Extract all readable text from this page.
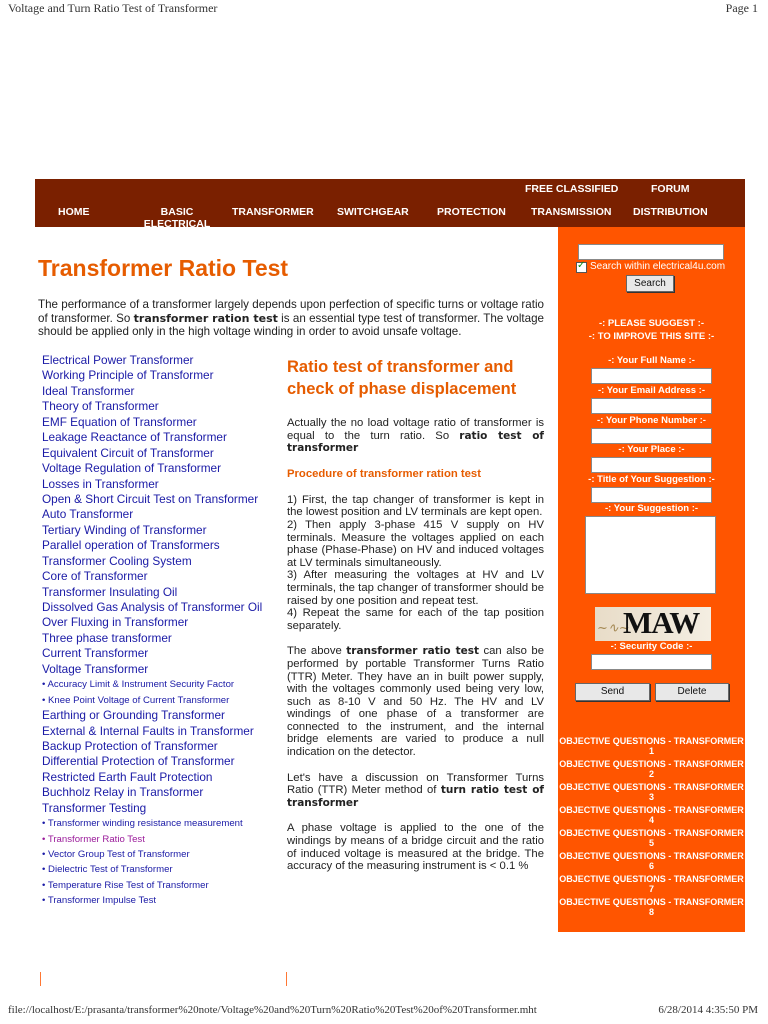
Voltage and Turn Ratio Test of Transformer	Page 1
file://localhost/E:/prasanta/transformer%20note/Voltage%20and%20Turn%20Ratio%20Test%20of%20Transformer.mht	6/28/2014 4:35:50 PM
FREE CLASSIFIED	FORUM
HOME	BASIC ELECTRICAL
TRANSFORMER SWITCHGEAR	PROTECTION TRANSMISSION DISTRIBUTION
Transformer Ratio Test
The performance of a transformer largely depends upon perfection of specific turns or voltage ratio of transformer. So transformer ration test is an essential type test of transformer. The voltage should be applied only in the high voltage winding in order to avoid unsafe voltage.
Electrical Power Transformer
Working Principle of Transformer
Ideal Transformer
Theory of Transformer
EMF Equation of Transformer
Leakage Reactance of Transformer
Equivalent Circuit of Transformer
Voltage Regulation of Transformer
Losses in Transformer
Open & Short Circuit Test on Transformer
Auto Transformer
Tertiary Winding of Transformer
Parallel operation of Transformers
Transformer Cooling System
Core of Transformer
Transformer Insulating Oil
Dissolved Gas Analysis of Transformer Oil
Over Fluxing in Transformer
Three phase transformer
Current Transformer
Voltage Transformer
• Accuracy Limit & Instrument Security Factor
• Knee Point Voltage of Current Transformer
Earthing or Grounding Transformer
External & Internal Faults in Transformer
Backup Protection of Transformer
Differential Protection of Transformer
Restricted Earth Fault Protection
Buchholz Relay in Transformer
Transformer Testing
• Transformer winding resistance measurement
• Transformer Ratio Test
• Vector Group Test of Transformer
• Dielectric Test of Transformer
• Temperature Rise Test of Transformer
• Transformer Impulse Test
Ratio test of transformer and check of phase displacement

Actually the no load voltage ratio of transformer is equal to the turn ratio. So ratio test of transformer

Procedure of transformer ration test

1) First, the tap changer of transformer is kept in the lowest position and LV terminals are kept open.
2) Then apply 3-phase 415 V supply on HV terminals. Measure the voltages applied on each phase (Phase-Phase) on HV and induced voltages at LV terminals simultaneously.
3) After measuring the voltages at HV and LV terminals, the tap changer of transformer should be raised by one position and repeat test.
4) Repeat the same for each of the tap position separately.

The above transformer ratio test can also be performed by portable Transformer Turns Ratio (TTR) Meter. They have an in built power supply, with the voltages commonly used being very low, such as 8-10 V and 50 Hz. The HV and LV windings of one phase of a transformer are connected to the instrument, and the internal bridge elements are varied to produce a null indication on the detector.

Let's have a discussion on Transformer Turns Ratio (TTR) Meter method of turn ratio test of transformer

A phase voltage is applied to the one of the windings by means of a bridge circuit and the ratio of induced voltage is measured at the bridge. The accuracy of the measuring instrument is < 0.1 %

✓ Search within electrical4u.com
Search
-: PLEASE SUGGEST :-
-: TO IMPROVE THIS SITE :-
-: Your Full Name :-
-: Your Email Address :-
-: Your Phone Number :-
-: Your Place :-
-: Title of Your Suggestion :-
-: Your Suggestion :-
~∿~
MAW
-: Security Code :-
Send	Delete
OBJECTIVE QUESTIONS - TRANSFORMER 1
OBJECTIVE QUESTIONS - TRANSFORMER 2
OBJECTIVE QUESTIONS - TRANSFORMER 3
OBJECTIVE QUESTIONS - TRANSFORMER 4
OBJECTIVE QUESTIONS - TRANSFORMER 5
OBJECTIVE QUESTIONS - TRANSFORMER 6
OBJECTIVE QUESTIONS - TRANSFORMER 7
OBJECTIVE QUESTIONS - TRANSFORMER 8
